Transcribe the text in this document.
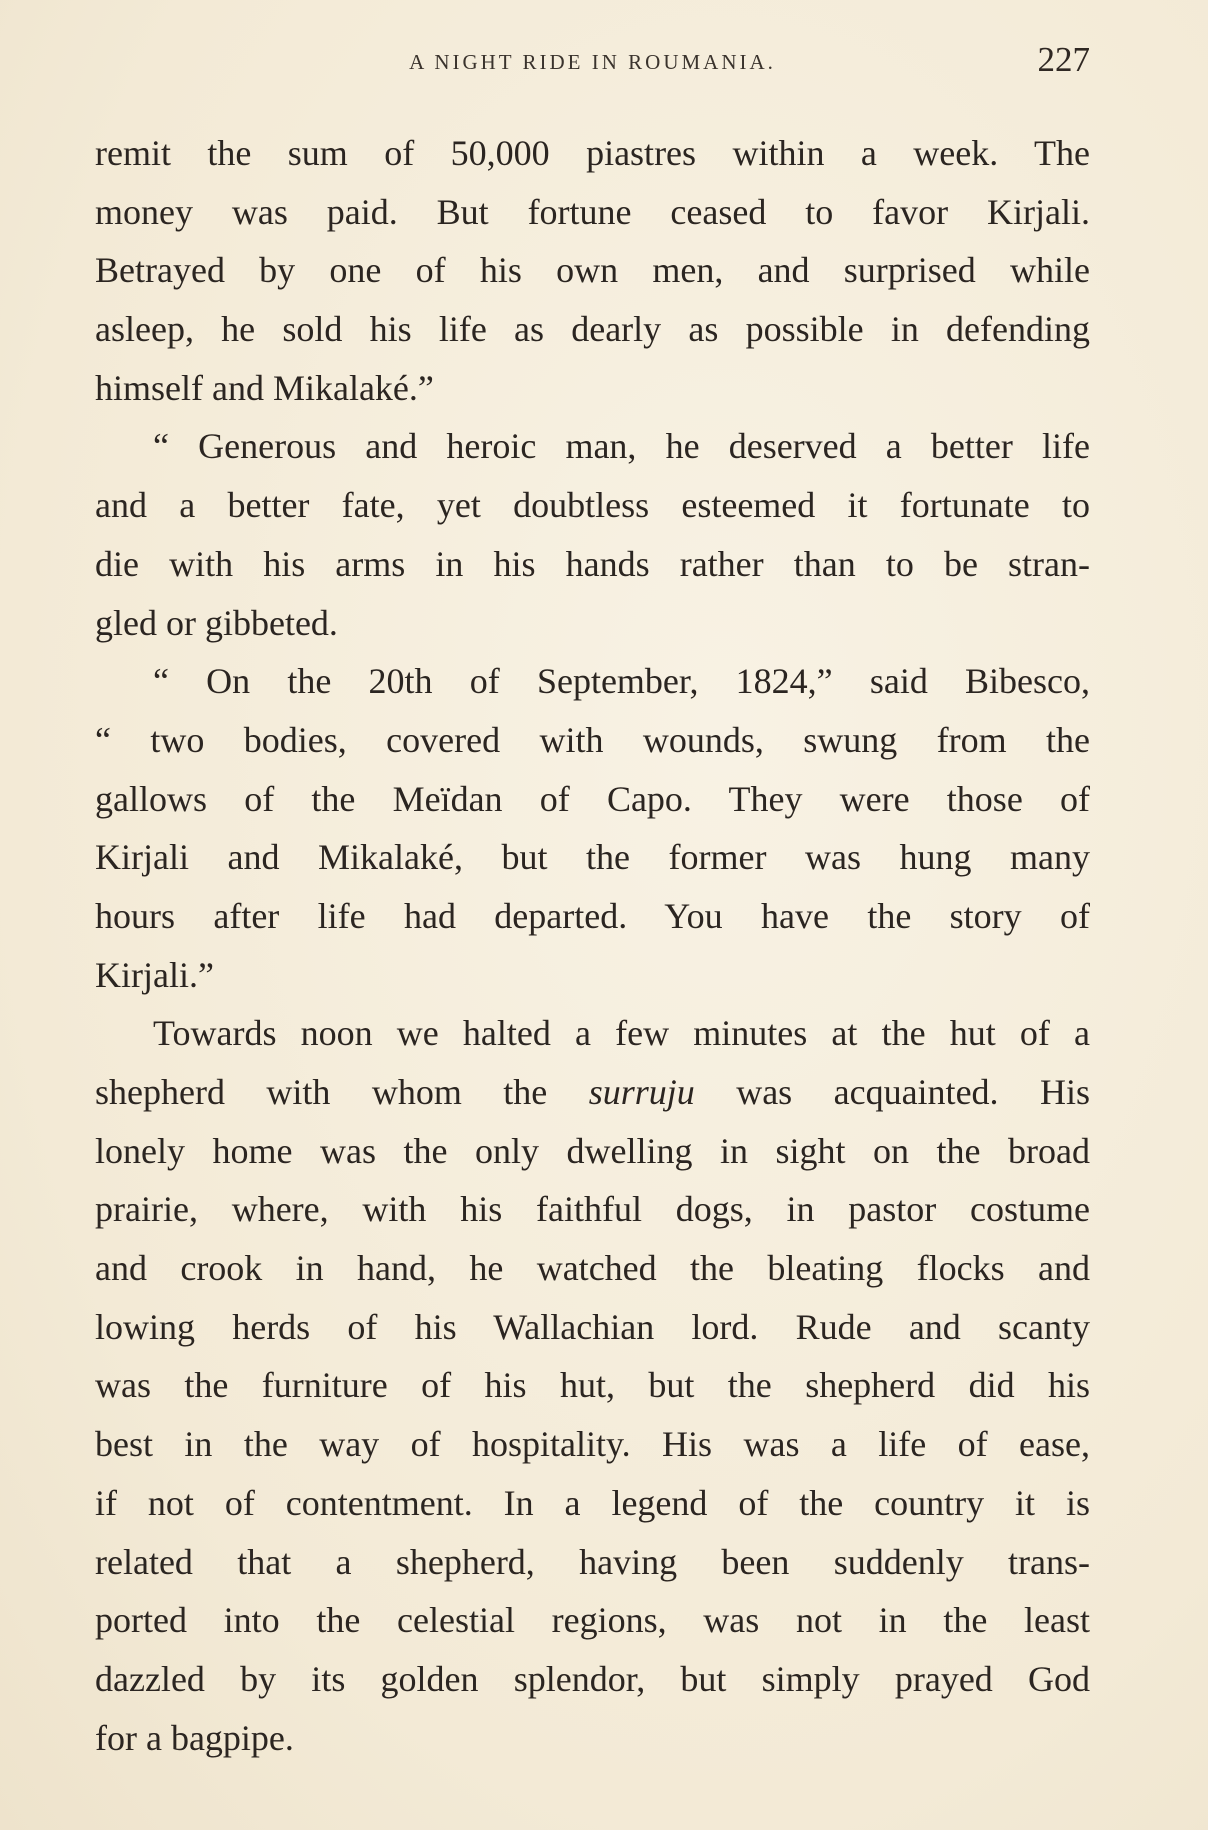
A NIGHT RIDE IN ROUMANIA.	227
remit the sum of 50,000 piastres within a week. The
money was paid. But fortune ceased to favor Kirjali.
Betrayed by one of his own men, and surprised while
asleep, he sold his life as dearly as possible in defending
himself and Mikalaké.”
“ Generous and heroic man, he deserved a better life
and a better fate, yet doubtless esteemed it fortunate to
die with his arms in his hands rather than to be stran-
gled or gibbeted.
“ On the 20th of September, 1824,” said Bibesco,
“ two bodies, covered with wounds, swung from the
gallows of the Meïdan of Capo. They were those of
Kirjali and Mikalaké, but the former was hung many
hours after life had departed. You have the story of
Kirjali.”
Towards noon we halted a few minutes at the hut of a
shepherd with whom the surruju was acquainted. His
lonely home was the only dwelling in sight on the broad
prairie, where, with his faithful dogs, in pastor costume
and crook in hand, he watched the bleating flocks and
lowing herds of his Wallachian lord. Rude and scanty
was the furniture of his hut, but the shepherd did his
best in the way of hospitality. His was a life of ease,
if not of contentment. In a legend of the country it is
related that a shepherd, having been suddenly trans-
ported into the celestial regions, was not in the least
dazzled by its golden splendor, but simply prayed God
for a bagpipe.
